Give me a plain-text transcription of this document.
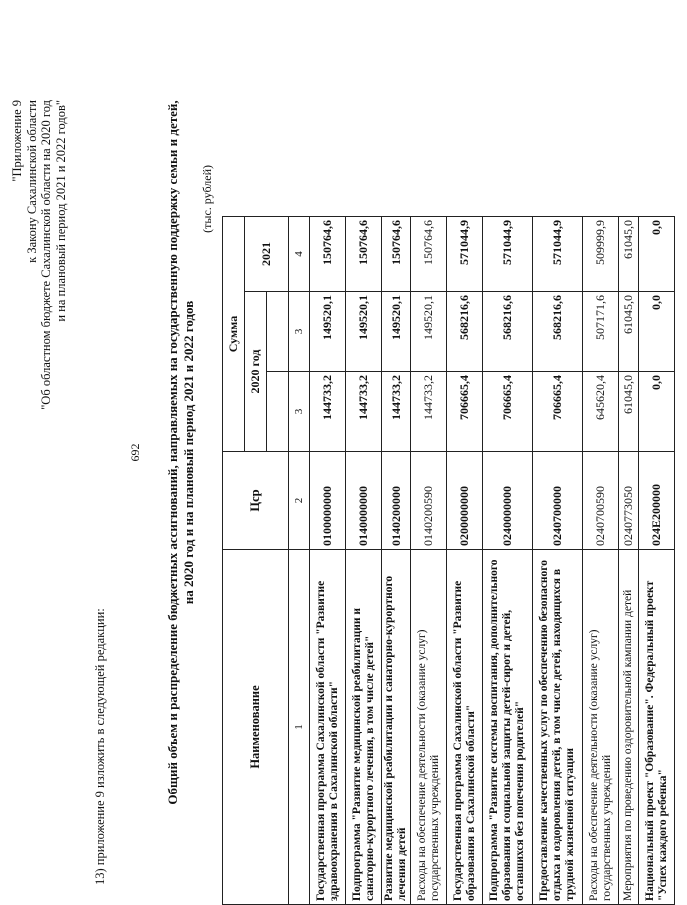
"Приложение 9 к Закону Сахалинской области "Об областном бюджете Сахалинской области на 2020 год и на плановый период 2021 и 2022 годов"
13) приложение 9 изложить в следующей редакции:
692 Общий объем и распределение бюджетных ассигнований, направляемых на государственную поддержку семьи и детей, на 2020 год и на плановый период 2021 и 2022 годов
(тыс. рублей)
Наименование	Цср	Сумма			
		2020 год		2021	

1	2	3	3	4	
Государственная программа Сахалинской области "Развитие здравоохранения в Сахалинской области"	0100000000	144733,2	149520,1	150764,6	
Подпрограмма "Развитие медицинской реабилитации и санаторно-курортного лечения, в том числе детей"	0140000000	144733,2	149520,1	150764,6	
Развитие медицинской реабилитации и санаторно-курортного лечения детей	0140200000	144733,2	149520,1	150764,6	
Расходы на обеспечение деятельности (оказание услуг) государственных учреждений	0140200590	144733,2	149520,1	150764,6	
Государственная программа Сахалинской области "Развитие образования в Сахалинской области"	0200000000	706665,4	568216,6	571044,9	
Подпрограмма "Развитие системы воспитания, дополнительного образования и социальной защиты детей-сирот и детей, оставшихся без попечения родителей"	0240000000	706665,4	568216,6	571044,9	
Предоставление качественных услуг по обеспечению безопасного отдыха и оздоровления детей, в том числе детей, находящихся в трудной жизненной ситуации	0240700000	706665,4	568216,6	571044,9	
Расходы на обеспечение деятельности (оказание услуг) государственных учреждений	0240700590	645620,4	507171,6	509999,9	
Мероприятия по проведению оздоровительной кампании детей	0240773050	61045,0	61045,0	61045,0	
Национальный проект "Образование". Федеральный проект "Успех каждого ребенка"	024Е200000	0,0	0,0	0,0	
